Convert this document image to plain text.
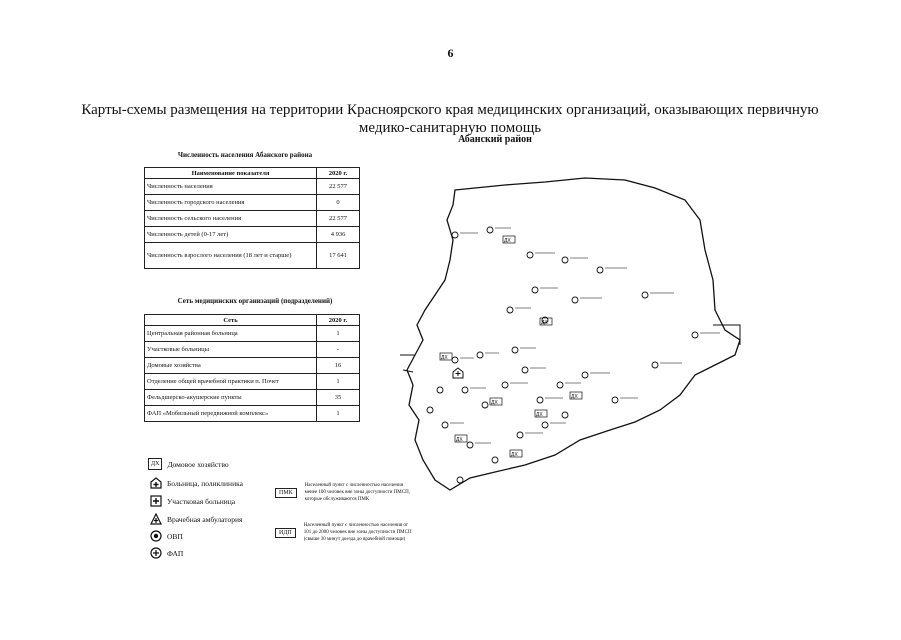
6
Карты-схемы размещения на территории Красноярского края медицинских организаций, оказывающих первичную медико-санитарную помощь
Абанский район
Численность населения Абанского района
Наименование показателя	2020 г.
Численность населения	22 577
Численность городского населения	0
Численность сельского населения	22 577
Численность детей (0-17 лет)	4 936
Численность взрослого населения (18 лет и старше)	17 641
Сеть медицинских организаций (подразделений)
Сеть	2020 г.
Центральная районная больница	1
Участковые больницы	-
Домовые хозяйства	16
Отделение общей врачебной практики п. Почет	1
Фельдшерско-акушерские пункты	35
ФАП «Мобильный передвижной комплекс»	1
ДХ	Домовое хозяйство
Больница, поликлиника
Участковая больница
Врачебная амбулатория
ОВП
ФАП
ПМК
Населенный пункт с численностью населения менее 100 человек вне зоны доступности ПМСП, которые обслуживаются ПМК
ИДП
Населенный пункт с численностью населения от 101 до 2000 человек вне зоны доступности ПМСП (свыше 30 минут доезда до врачебной помощи)
ДХ
ДХ
ДХ
ДХ
ДХ
ДХ
ДХ
ДХ
